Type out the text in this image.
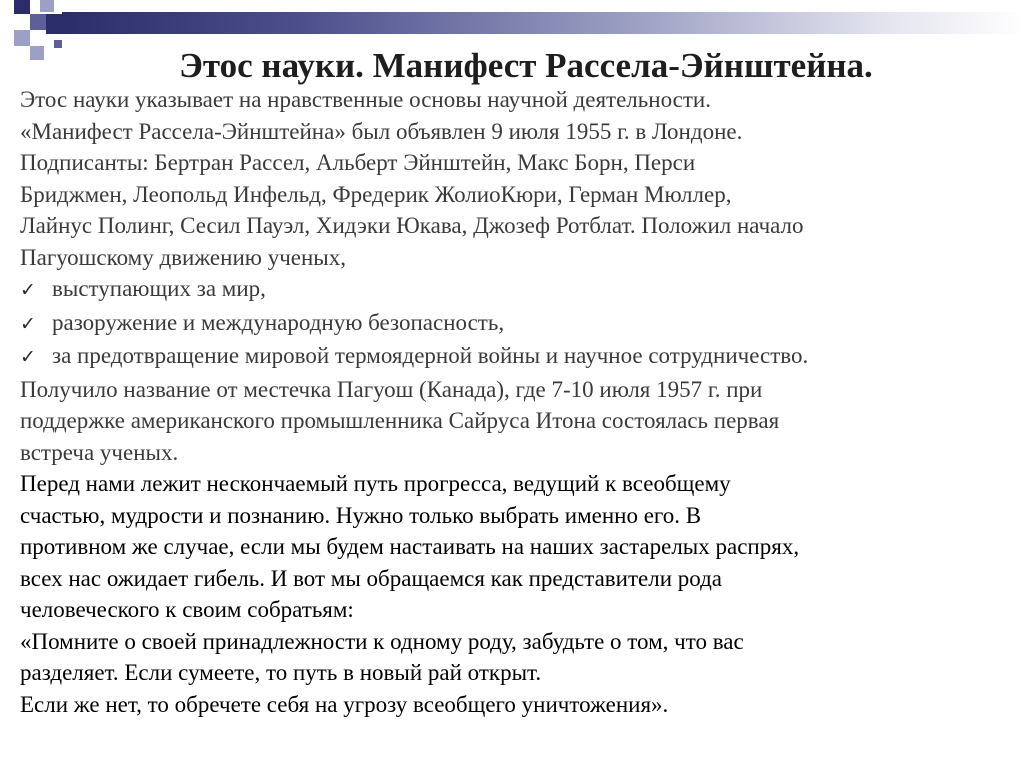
Этос науки. Манифест Рассела-Эйнштейна.

Этос науки указывает на нравственные основы научной деятельности.

«Манифест Рассела-Эйнштейна» был объявлен 9 июля 1955 г. в Лондоне.

Подписанты: Бертран Рассел, Альберт Эйнштейн, Макс Борн, Перси

Бриджмен, Леопольд Инфельд, Фредерик ЖолиоКюри, Герман Мюллер,

Лайнус Полинг, Сесил Пауэл, Хидэки Юкава, Джозеф Ротблат. Положил начало

Пагуошскому движению ученых,

✓ выступающих за мир,

✓ разоружение и международную безопасность,

✓ за предотвращение мировой термоядерной войны и научное сотрудничество.

Получило название от местечка Пагуош (Канада), где 7-10 июля 1957 г. при

поддержке американского промышленника Сайруса Итона состоялась первая

встреча ученых.

Перед нами лежит нескончаемый путь прогресса, ведущий к всеобщему

счастью, мудрости и познанию. Нужно только выбрать именно его. В

противном же случае, если мы будем настаивать на наших застарелых распрях,

всех нас ожидает гибель. И вот мы обращаемся как представители рода

человеческого к своим собратьям:

«Помните о своей принадлежности к одному роду, забудьте о том, что вас

разделяет. Если сумеете, то путь в новый рай открыт.

Если же нет, то обречете себя на угрозу всеобщего уничтожения».
